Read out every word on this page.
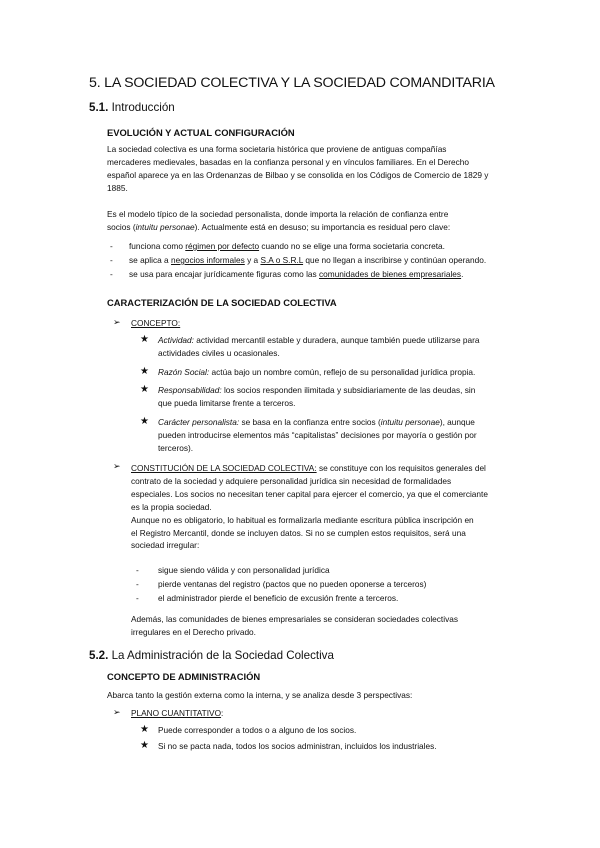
5. LA SOCIEDAD COLECTIVA Y LA SOCIEDAD COMANDITARIA
5.1. Introducción
EVOLUCIÓN Y ACTUAL CONFIGURACIÓN
La sociedad colectiva es una forma societaria histórica que proviene de antiguas compañías
mercaderes medievales, basadas en la confianza personal y en vínculos familiares. En el Derecho
español aparece ya en las Ordenanzas de Bilbao y se consolida en los Códigos de Comercio de 1829 y
1885.
Es el modelo típico de la sociedad personalista, donde importa la relación de confianza entre
socios (intuitu personae). Actualmente está en desuso; su importancia es residual pero clave:
- funciona como régimen por defecto cuando no se elige una forma societaria concreta.
- se aplica a negocios informales y a S.A o S.R.L que no llegan a inscribirse y continúan operando.
- se usa para encajar jurídicamente figuras como las comunidades de bienes empresariales.
CARACTERIZACIÓN DE LA SOCIEDAD COLECTIVA
➢ CONCEPTO:
★ Actividad: actividad mercantil estable y duradera, aunque también puede utilizarse para
actividades civiles u ocasionales.
★ Razón Social: actúa bajo un nombre común, reflejo de su personalidad jurídica propia.
★ Responsabilidad: los socios responden ilimitada y subsidiariamente de las deudas, sin
que pueda limitarse frente a terceros.
★ Carácter personalista: se basa en la confianza entre socios (intuitu personae), aunque
pueden introducirse elementos más “capitalistas” decisiones por mayoría o gestión por
terceros).
➢ CONSTITUCIÓN DE LA SOCIEDAD COLECTIVA: se constituye con los requisitos generales del
contrato de la sociedad y adquiere personalidad jurídica sin necesidad de formalidades
especiales. Los socios no necesitan tener capital para ejercer el comercio, ya que el comerciante
es la propia sociedad.
Aunque no es obligatorio, lo habitual es formalizarla mediante escritura pública inscripción en
el Registro Mercantil, donde se incluyen datos. Si no se cumplen estos requisitos, será una
sociedad irregular:
- sigue siendo válida y con personalidad jurídica
- pierde ventanas del registro (pactos que no pueden oponerse a terceros)
- el administrador pierde el beneficio de excusión frente a terceros.
Además, las comunidades de bienes empresariales se consideran sociedades colectivas
irregulares en el Derecho privado.
5.2. La Administración de la Sociedad Colectiva
CONCEPTO DE ADMINISTRACIÓN
Abarca tanto la gestión externa como la interna, y se analiza desde 3 perspectivas:
➢ PLANO CUANTITATIVO:
★ Puede corresponder a todos o a alguno de los socios.
★ Si no se pacta nada, todos los socios administran, incluidos los industriales.
